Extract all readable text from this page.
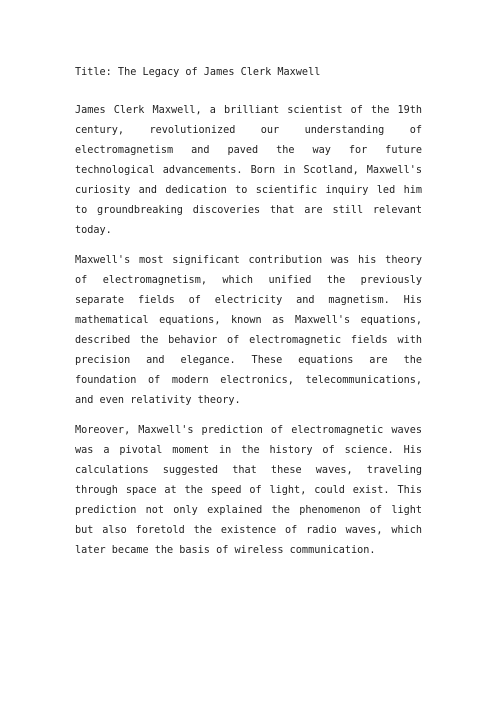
Title: The Legacy of James Clerk Maxwell

James Clerk Maxwell, a brilliant scientist of the 19th century, revolutionized our understanding of electromagnetism and paved the way for future technological advancements. Born in Scotland, Maxwell's curiosity and dedication to scientific inquiry led him to groundbreaking discoveries that are still relevant today.

Maxwell's most significant contribution was his theory of electromagnetism, which unified the previously separate fields of electricity and magnetism. His mathematical equations, known as Maxwell's equations, described the behavior of electromagnetic fields with precision and elegance. These equations are the foundation of modern electronics, telecommunications, and even relativity theory.

Moreover, Maxwell's prediction of electromagnetic waves was a pivotal moment in the history of science. His calculations suggested that these waves, traveling through space at the speed of light, could exist. This prediction not only explained the phenomenon of light but also foretold the existence of radio waves, which later became the basis of wireless communication.
